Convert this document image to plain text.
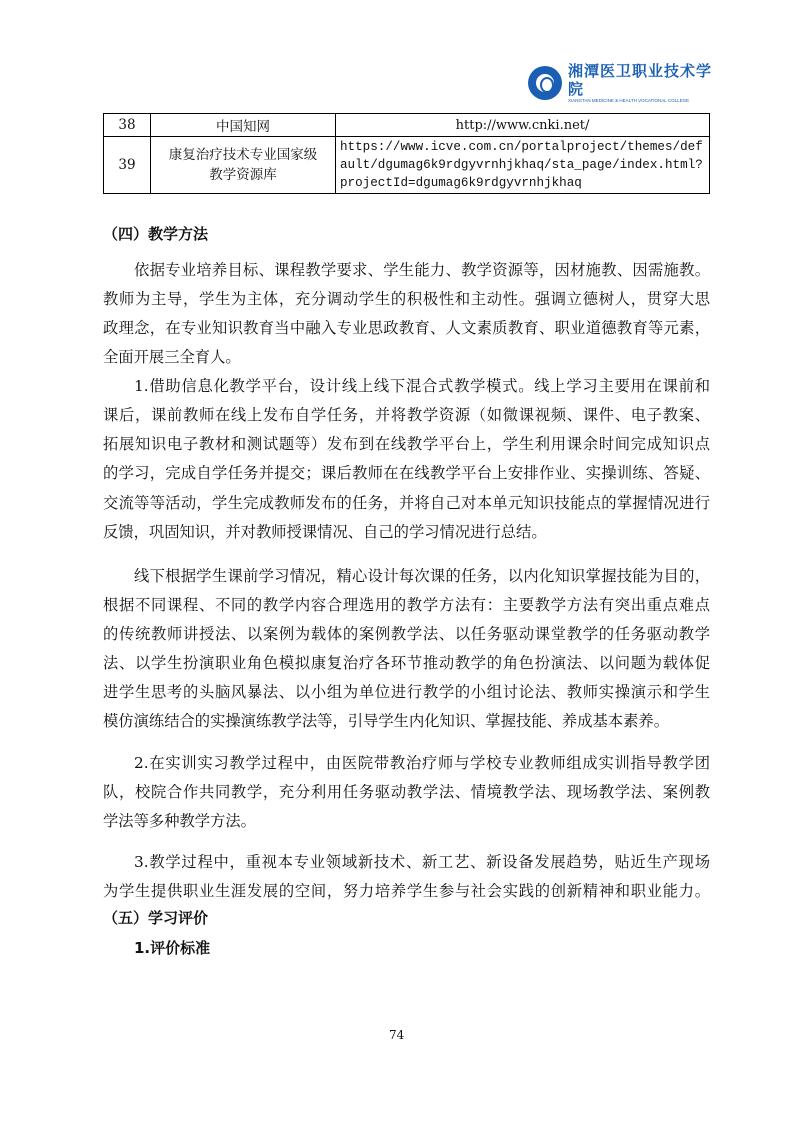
湘潭医卫职业技术学院
XIANGTAN MEDICINE & HEALTH VOCATIONAL COLLEGE
38	中国知网	http://www.cnki.net/
39	康复治疗技术专业国家级教学资源库	https://www.icve.com.cn/portalproject/themes/default/dgumag6k9rdgyvrnhjkhaq/sta_page/index.html?projectId=dgumag6k9rdgyvrnhjkhaq
（四）教学方法
依据专业培养目标、课程教学要求、学生能力、教学资源等，因材施教、因需施教。
教师为主导，学生为主体，充分调动学生的积极性和主动性。强调立德树人，贯穿大思
政理念，在专业知识教育当中融入专业思政教育、人文素质教育、职业道德教育等元素，
全面开展三全育人。
1.借助信息化教学平台，设计线上线下混合式教学模式。线上学习主要用在课前和
课后，课前教师在线上发布自学任务，并将教学资源（如微课视频、课件、电子教案、
拓展知识电子教材和测试题等）发布到在线教学平台上，学生利用课余时间完成知识点
的学习，完成自学任务并提交；课后教师在在线教学平台上安排作业、实操训练、答疑、
交流等等活动，学生完成教师发布的任务，并将自己对本单元知识技能点的掌握情况进行
反馈，巩固知识，并对教师授课情况、自己的学习情况进行总结。
线下根据学生课前学习情况，精心设计每次课的任务，以内化知识掌握技能为目的，
根据不同课程、不同的教学内容合理选用的教学方法有：主要教学方法有突出重点难点
的传统教师讲授法、以案例为载体的案例教学法、以任务驱动课堂教学的任务驱动教学
法、以学生扮演职业角色模拟康复治疗各环节推动教学的角色扮演法、以问题为载体促
进学生思考的头脑风暴法、以小组为单位进行教学的小组讨论法、教师实操演示和学生
模仿演练结合的实操演练教学法等，引导学生内化知识、掌握技能、养成基本素养。
2.在实训实习教学过程中，由医院带教治疗师与学校专业教师组成实训指导教学团
队，校院合作共同教学，充分利用任务驱动教学法、情境教学法、现场教学法、案例教
学法等多种教学方法。
3.教学过程中，重视本专业领域新技术、新工艺、新设备发展趋势，贴近生产现场
为学生提供职业生涯发展的空间，努力培养学生参与社会实践的创新精神和职业能力。
（五）学习评价
1.评价标准
74
